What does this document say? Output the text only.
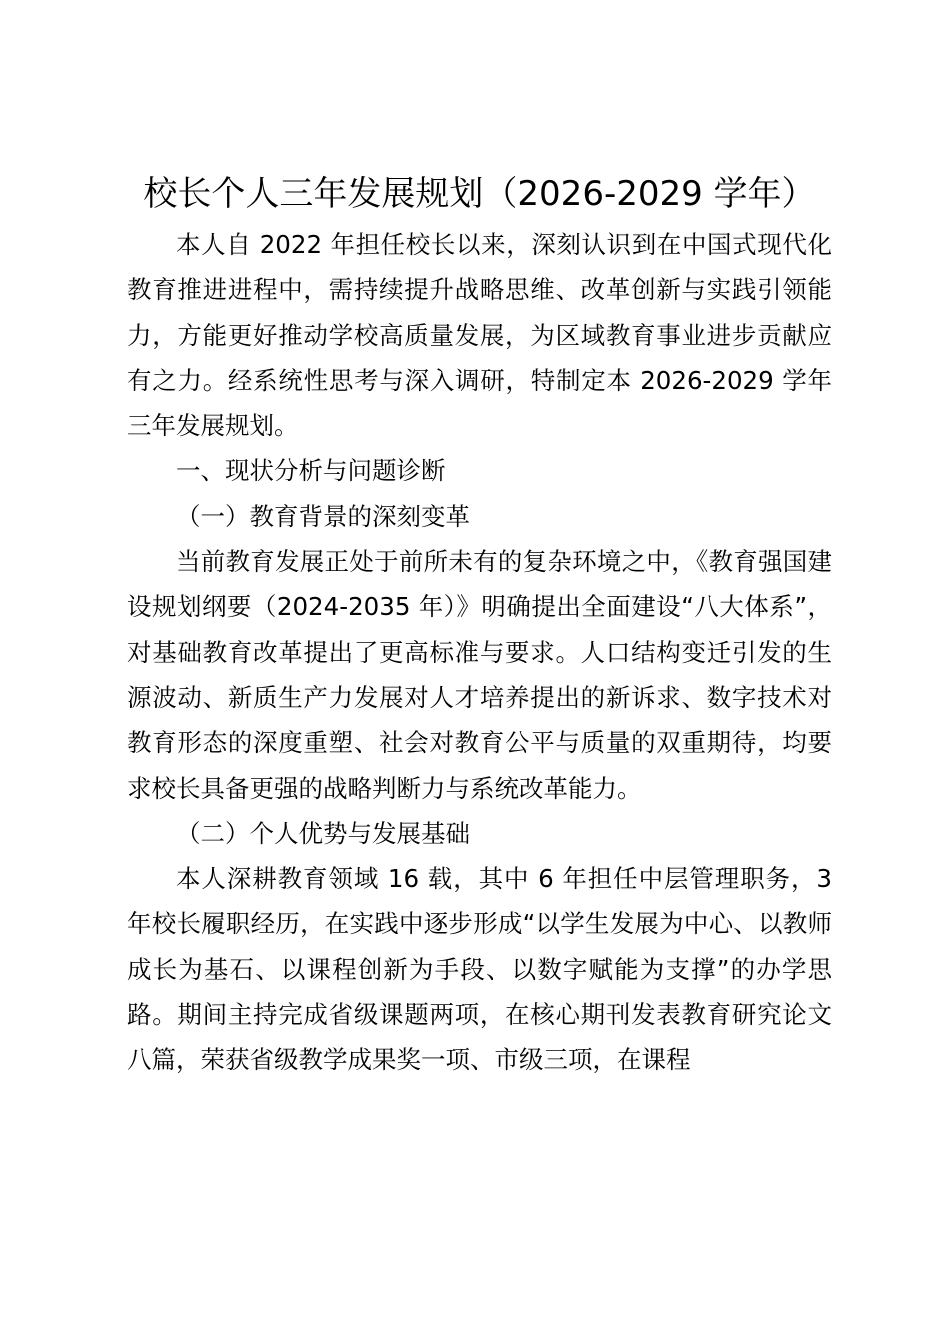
校长个人三年发展规划（2026-2029 学年）

本人自 2022 年担任校长以来，深刻认识到在中国式现代化教育推进进程中，需持续提升战略思维、改革创新与实践引领能力，方能更好推动学校高质量发展，为区域教育事业进步贡献应有之力。经系统性思考与深入调研，特制定本 2026-2029 学年三年发展规划。

一、现状分析与问题诊断

（一）教育背景的深刻变革

当前教育发展正处于前所未有的复杂环境之中，《教育强国建设规划纲要（2024-2035 年）》明确提出全面建设“八大体系”，对基础教育改革提出了更高标准与要求。人口结构变迁引发的生源波动、新质生产力发展对人才培养提出的新诉求、数字技术对教育形态的深度重塑、社会对教育公平与质量的双重期待，均要求校长具备更强的战略判断力与系统改革能力。

（二）个人优势与发展基础

本人深耕教育领域 16 载，其中 6 年担任中层管理职务，3 年校长履职经历，在实践中逐步形成“以学生发展为中心、以教师成长为基石、以课程创新为手段、以数字赋能为支撑”的办学思路。期间主持完成省级课题两项，在核心期刊发表教育研究论文八篇，荣获省级教学成果奖一项、市级三项，在课程
